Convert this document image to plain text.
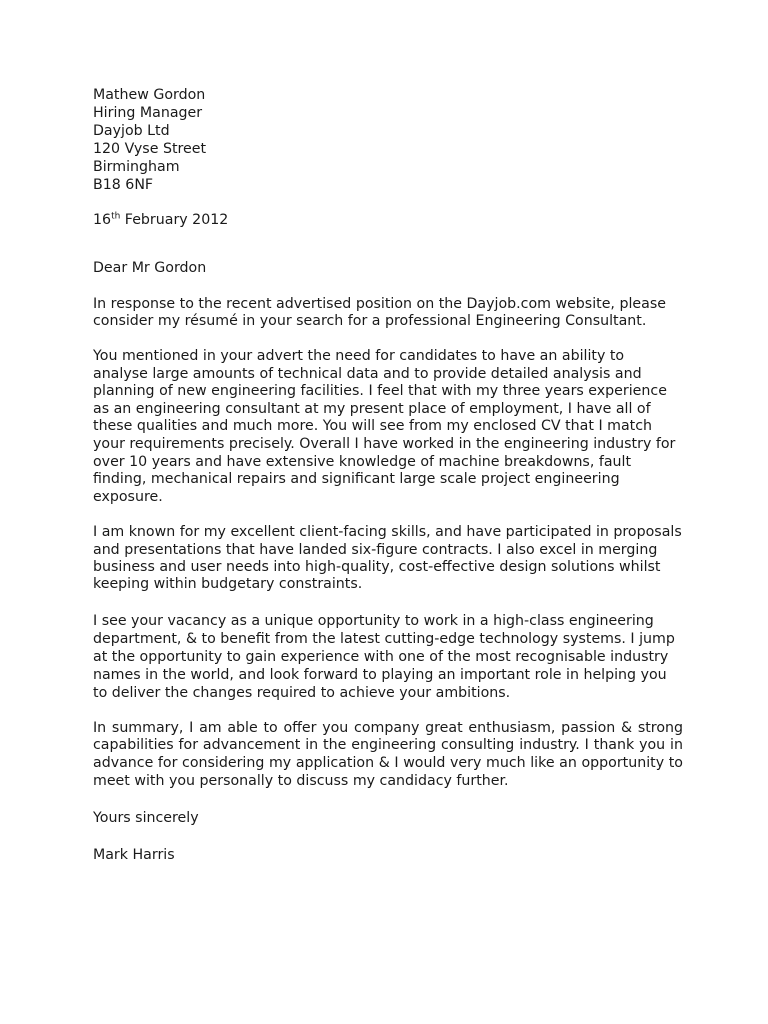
Mathew Gordon
Hiring Manager
Dayjob Ltd
120 Vyse Street
Birmingham
B18 6NF
16th February 2012
Dear Mr Gordon
In response to the recent advertised position on the Dayjob.com website, please consider my résumé in your search for a professional Engineering Consultant.
You mentioned in your advert the need for candidates to have an ability to analyse large amounts of technical data and to provide detailed analysis and planning of new engineering facilities. I feel that with my three years experience as an engineering consultant at my present place of employment, I have all of these qualities and much more. You will see from my enclosed CV that I match your requirements precisely. Overall I have worked in the engineering industry for over 10 years and have extensive knowledge of machine breakdowns, fault finding, mechanical repairs and significant large scale project engineering exposure.
I am known for my excellent client-facing skills, and have participated in proposals and presentations that have landed six-figure contracts. I also excel in merging business and user needs into high-quality, cost-effective design solutions whilst keeping within budgetary constraints.
I see your vacancy as a unique opportunity to work in a high-class engineering department, & to benefit from the latest cutting-edge technology systems. I jump at the opportunity to gain experience with one of the most recognisable industry names in the world, and look forward to playing an important role in helping you to deliver the changes required to achieve your ambitions.
In summary, I am able to offer you company great enthusiasm, passion & strong capabilities for advancement in the engineering consulting industry. I thank you in advance for considering my application & I would very much like an opportunity to meet with you personally to discuss my candidacy further.
Yours sincerely
Mark Harris
